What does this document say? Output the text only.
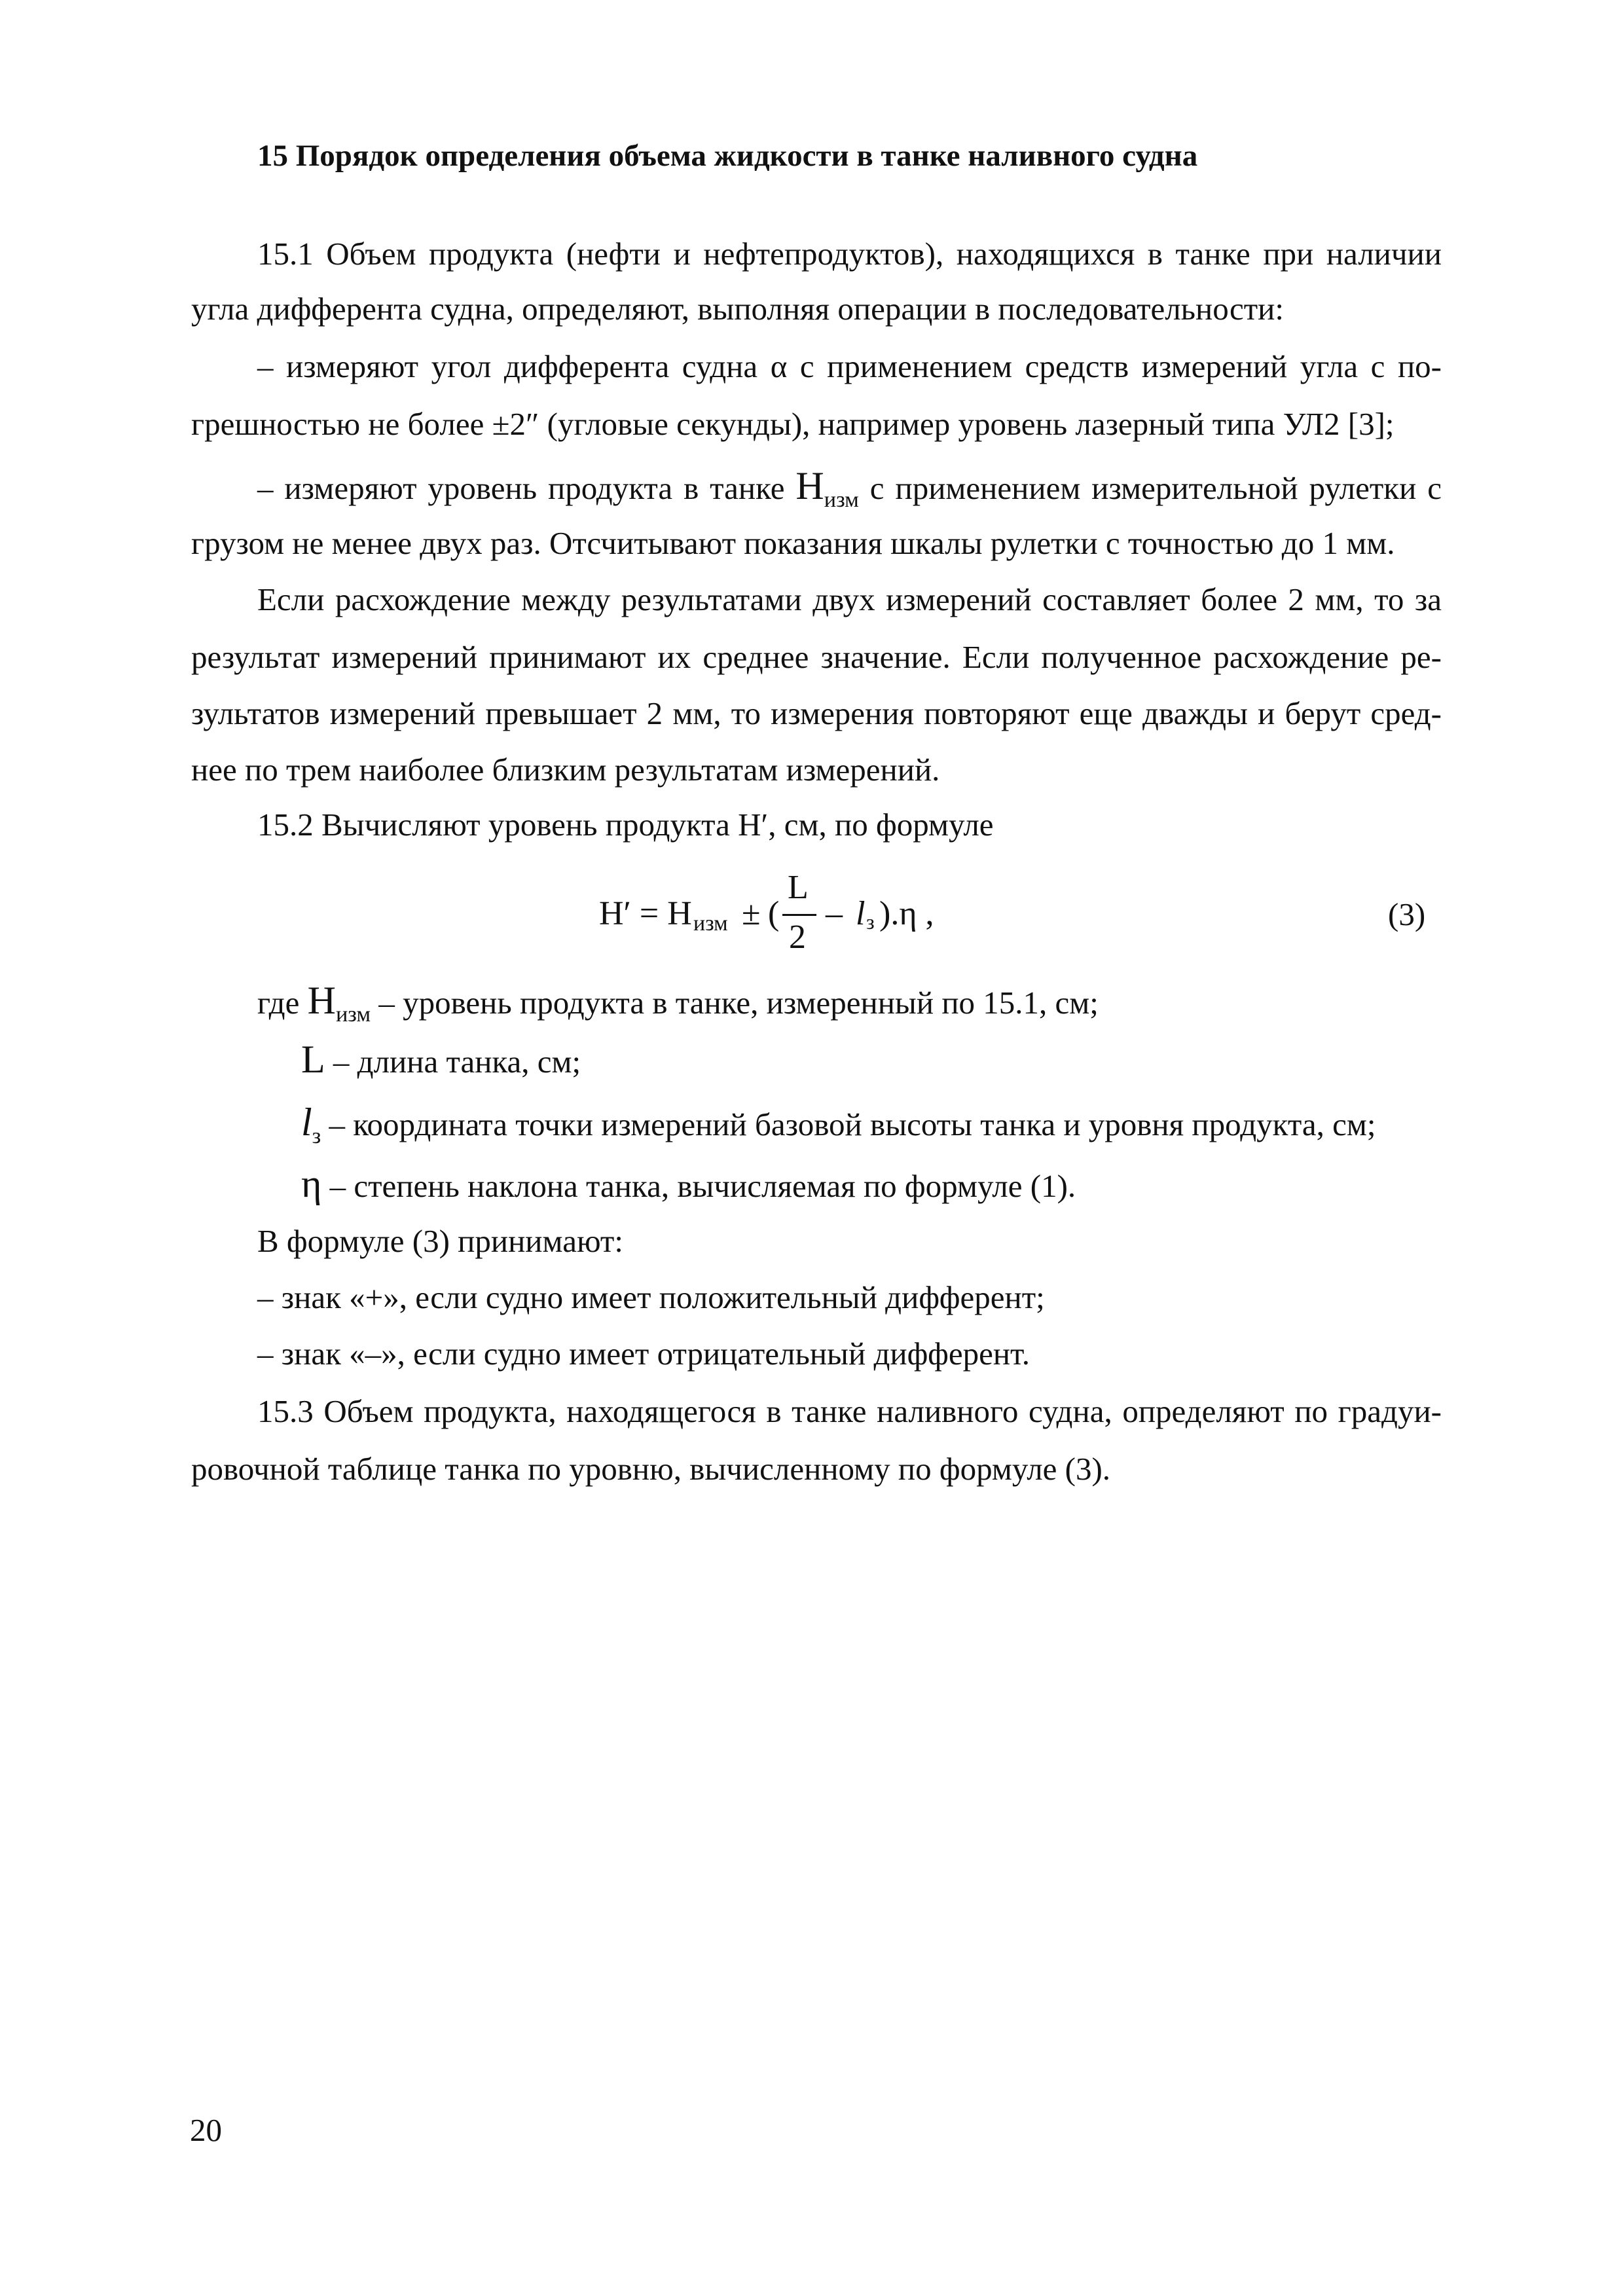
15 Порядок определения объема жидкости в танке наливного судна
15.1 Объем продукта (нефти и нефтепродуктов), находящихся в танке при наличии
угла дифферента судна, определяют, выполняя операции в последовательности:
– измеряют угол дифферента судна α с применением средств измерений угла с по-
грешностью не более ±2″ (угловые секунды), например уровень лазерный типа УЛ2 [3];
– измеряют уровень продукта в танке $H_{изм}$ с применением измерительной рулетки с
грузом не менее двух раз. Отсчитывают показания шкалы рулетки с точностью до 1 мм.
Если расхождение между результатами двух измерений составляет более 2 мм, то за
результат измерений принимают их среднее значение. Если полученное расхождение ре-
зультатов измерений превышает 2 мм, то измерения повторяют еще дважды и берут сред-
нее по трем наиболее близким результатам измерений.
15.2 Вычисляют уровень продукта H′, см, по формуле
H′ = H изм ± (
L
2
– l з ).η ,	(3)
где $H_{изм}$ – уровень продукта в танке, измеренный по 15.1, см;
L – длина танка, см;
$l_з$ – координата точки измерений базовой высоты танка и уровня продукта, см;
η – степень наклона танка, вычисляемая по формуле (1).
В формуле (3) принимают:
– знак «+», если судно имеет положительный дифферент;
– знак «–», если судно имеет отрицательный дифферент.
15.3 Объем продукта, находящегося в танке наливного судна, определяют по градуи-
ровочной таблице танка по уровню, вычисленному по формуле (3).
20
